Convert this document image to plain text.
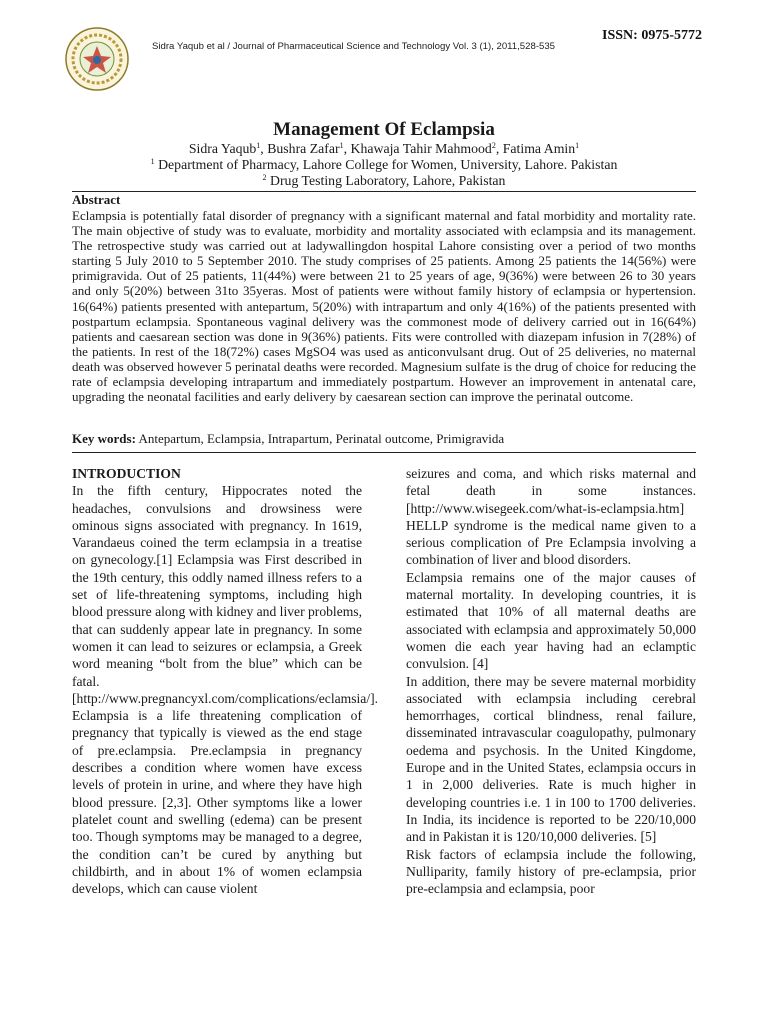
Sidra Yaqub et al / Journal of Pharmaceutical Science and Technology Vol. 3 (1), 2011,528-535
ISSN: 0975-5772
Management Of Eclampsia
Sidra Yaqub$^1$, Bushra Zafar$^1$, Khawaja Tahir Mahmood$^2$, Fatima Amin$^1$
$^1$ Department of Pharmacy, Lahore College for Women, University, Lahore. Pakistan
$^2$ Drug Testing Laboratory, Lahore, Pakistan
Abstract

Eclampsia is potentially fatal disorder of pregnancy with a significant maternal and fatal morbidity and mortality rate. The main objective of study was to evaluate, morbidity and mortality associated with eclampsia and its management. The retrospective study was carried out at ladywallingdon hospital Lahore consisting over a period of two months starting 5 July 2010 to 5 September 2010. The study comprises of 25 patients. Among 25 patients the 14(56%) were primigravida. Out of 25 patients, 11(44%) were between 21 to 25 years of age, 9(36%) were between 26 to 30 years and only 5(20%) between 31to 35yeras. Most of patients were without family history of eclampsia or hypertension. 16(64%) patients presented with antepartum, 5(20%) with intrapartum and only 4(16%) of the patients presented with postpartum eclampsia. Spontaneous vaginal delivery was the commonest mode of delivery carried out in 16(64%) patients and caesarean section was done in 9(36%) patients. Fits were controlled with diazepam infusion in 7(28%) of the patients. In rest of the 18(72%) cases MgSO4 was used as anticonvulsant drug. Out of 25 deliveries, no maternal death was observed however 5 perinatal deaths were recorded. Magnesium sulfate is the drug of choice for reducing the rate of eclampsia developing intrapartum and immediately postpartum. However an improvement in antenatal care, upgrading the neonatal facilities and early delivery by caesarean section can improve the perinatal outcome.

Key words: Antepartum, Eclampsia, Intrapartum, Perinatal outcome, Primigravida

INTRODUCTION

In the fifth century, Hippocrates noted the headaches, convulsions and drowsiness were ominous signs associated with pregnancy. In 1619, Varandaeus coined the term eclampsia in a treatise on gynecology.[1] Eclampsia was First described in the 19th century, this oddly named illness refers to a set of life-threatening symptoms, including high blood pressure along with kidney and liver problems, that can suddenly appear late in pregnancy. In some women it can lead to seizures or eclampsia, a Greek word meaning “bolt from the blue” which can be fatal. [http://www.pregnancyxl.com/complications/eclamsia/].

Eclampsia is a life threatening complication of pregnancy that typically is viewed as the end stage of pre.eclampsia. Pre.eclampsia in pregnancy describes a condition where women have excess levels of protein in urine, and where they have high blood pressure. [2,3]. Other symptoms like a lower platelet count and swelling (edema) can be present too. Though symptoms may be managed to a degree, the condition can’t be cured by anything but childbirth, and in about 1% of women eclampsia develops, which can cause violent

seizures and coma, and which risks maternal and fetal death in some instances. [http://www.wisegeek.com/what-is-eclampsia.htm] HELLP syndrome is the medical name given to a serious complication of Pre Eclampsia involving a combination of liver and blood disorders.

Eclampsia remains one of the major causes of maternal mortality. In developing countries, it is estimated that 10% of all maternal deaths are associated with eclampsia and approximately 50,000 women die each year having had an eclamptic convulsion. [4]

In addition, there may be severe maternal morbidity associated with eclampsia including cerebral hemorrhages, cortical blindness, renal failure, disseminated intravascular coagulopathy, pulmonary oedema and psychosis. In the United Kingdome, Europe and in the United States, eclampsia occurs in 1 in 2,000 deliveries. Rate is much higher in developing countries i.e. 1 in 100 to 1700 deliveries. In India, its incidence is reported to be 220/10,000 and in Pakistan it is 120/10,000 deliveries. [5]

Risk factors of eclampsia include the following, Nulliparity, family history of pre-eclampsia, prior pre-eclampsia and eclampsia, poor
